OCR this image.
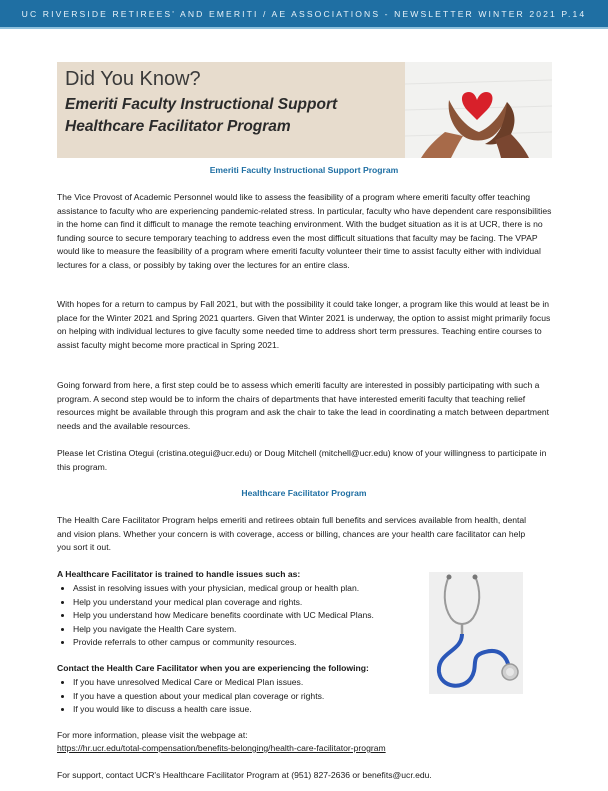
UC RIVERSIDE RETIREES' AND EMERITI / AE ASSOCIATIONS - NEWSLETTER WINTER 2021 P.14
Did You Know?
Emeriti Faculty Instructional Support
Healthcare Facilitator Program
Emeriti Faculty Instructional Support Program

The Vice Provost of Academic Personnel would like to assess the feasibility of a program where emeriti faculty offer teaching assistance to faculty who are experiencing pandemic-related stress. In particular, faculty who have dependent care responsibilities in the home can find it difficult to manage the remote teaching environment. With the budget situation as it is at UCR, there is no funding source to secure temporary teaching to address even the most difficult situations that faculty may be facing. The VPAP would like to measure the feasibility of a program where emeriti faculty volunteer their time to assist faculty either with individual lectures for a class, or possibly by taking over the lectures for an entire class.

With hopes for a return to campus by Fall 2021, but with the possibility it could take longer, a program like this would at least be in place for the Winter 2021 and Spring 2021 quarters. Given that Winter 2021 is underway, the option to assist might primarily focus on helping with individual lectures to give faculty some needed time to address short term pressures. Teaching entire courses to assist faculty might become more practical in Spring 2021.

Going forward from here, a first step could be to assess which emeriti faculty are interested in possibly participating with such a program. A second step would be to inform the chairs of departments that have interested emeriti faculty that teaching relief resources might be available through this program and ask the chair to take the lead in coordinating a match between department needs and the available resources.

Please let Cristina Otegui (cristina.otegui@ucr.edu) or Doug Mitchell (mitchell@ucr.edu) know of your willingness to participate in this program.

Healthcare Facilitator Program

The Health Care Facilitator Program helps emeriti and retirees obtain full benefits and services available from health, dental and vision plans. Whether your concern is with coverage, access or billing, chances are your health care facilitator can help you sort it out.

A Healthcare Facilitator is trained to handle issues such as:
• Assist in resolving issues with your physician, medical group or health plan.
• Help you understand your medical plan coverage and rights.
• Help you understand how Medicare benefits coordinate with UC Medical Plans.
• Help you navigate the Health Care system.
• Provide referrals to other campus or community resources.
Contact the Health Care Facilitator when you are experiencing the following:
• If you have unresolved Medical Care or Medical Plan issues.
• If you have a question about your medical plan coverage or rights.
• If you would like to discuss a health care issue.
For more information, please visit the webpage at:
https://hr.ucr.edu/total-compensation/benefits-belonging/health-care-facilitator-program
For support, contact UCR's Healthcare Facilitator Program at (951) 827-2636 or benefits@ucr.edu.
